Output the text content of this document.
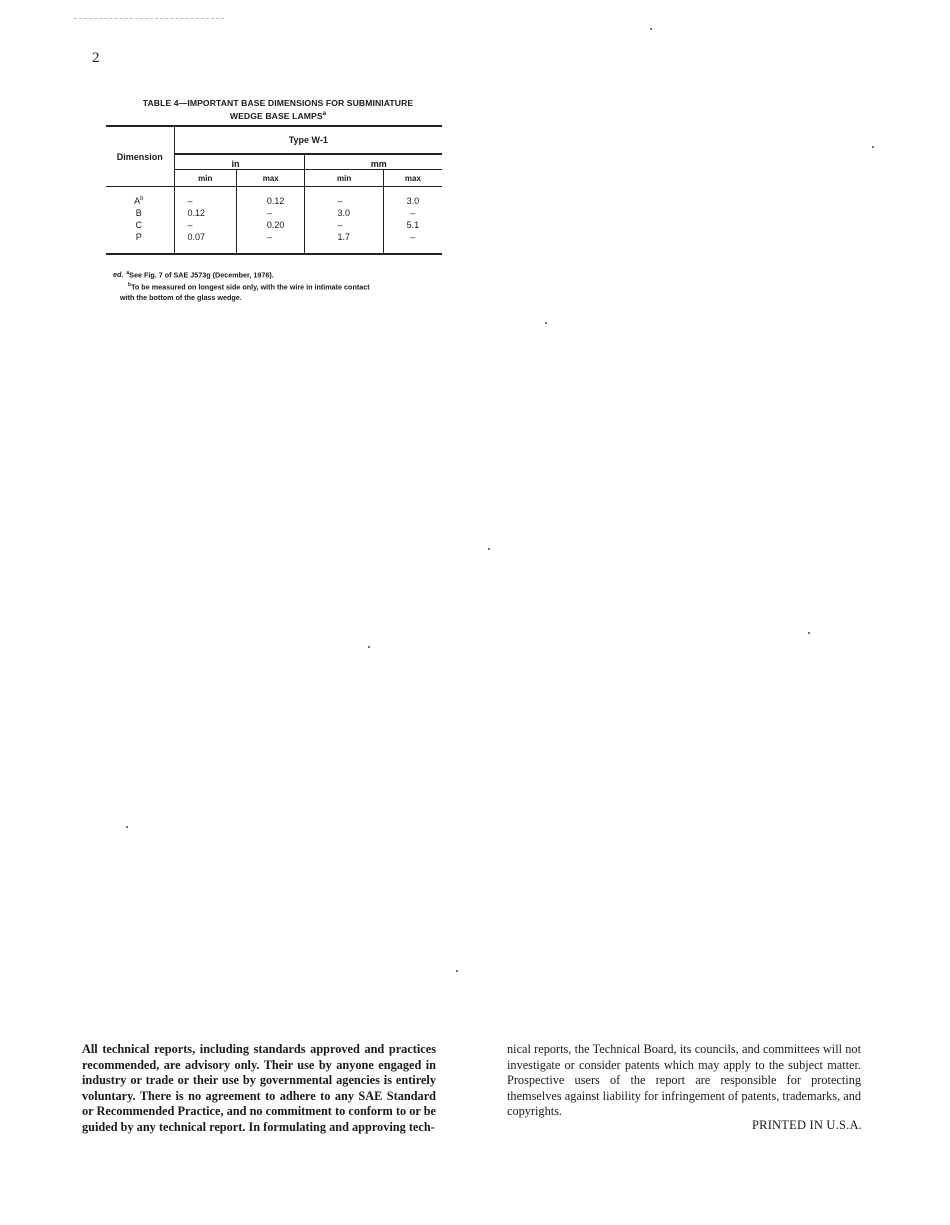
2
TABLE 4—IMPORTANT BASE DIMENSIONS FOR SUBMINIATURE
WEDGE BASE LAMPS$^a$
Dimension	Type W-1			
	in		mm	
	min	max	min	max
$A^b$	–	0.12	–	3.0
B	0.12	–	3.0	–
C	–	0.20	–	5.1
P	0.07	–	1.7	–
ed. $^a$See Fig. 7 of SAE J573g (December, 1976).
$^b$To be measured on longest side only, with the wire in intimate contact
with the bottom of the glass wedge.
All technical reports, including standards approved and practices recommended, are advisory only. Their use by anyone engaged in industry or trade or their use by governmental agencies is entirely voluntary. There is no agreement to adhere to any SAE Standard or Recommended Practice, and no commitment to conform to or be guided by any technical report. In formulating and approving tech-
nical reports, the Technical Board, its councils, and committees will not investigate or consider patents which may apply to the subject matter. Prospective users of the report are responsible for protecting themselves against liability for infringement of patents, trademarks, and copyrights.
PRINTED IN U.S.A.
